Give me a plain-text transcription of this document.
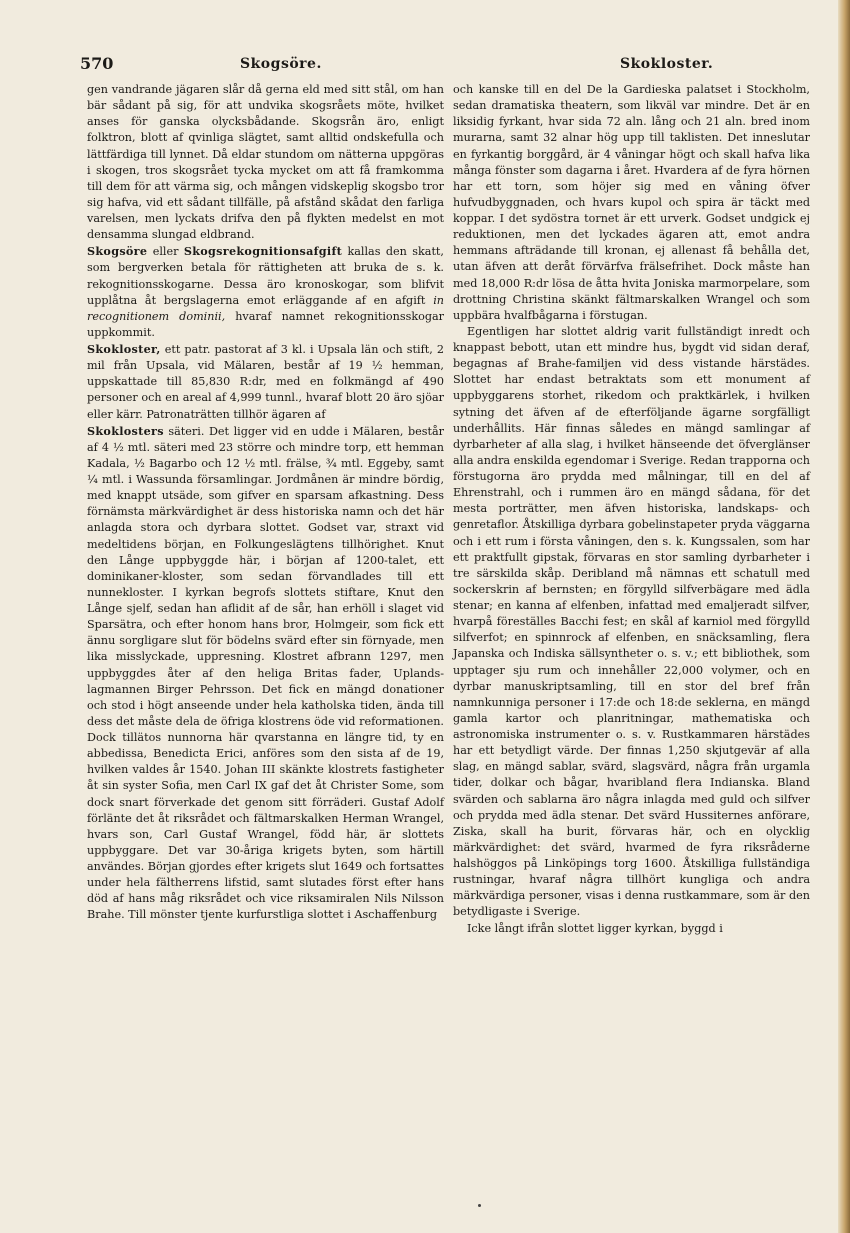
570	Skogsöre.	Skokloster.

gen vandrande jägaren slår då gerna eld med sitt stål, om han bär sådant på sig, för att undvika skogsråets möte, hvilket anses för ganska olycksbådande. Skogsrån äro, enligt folktron, blott af qvinliga slägtet, samt alltid ondskefulla och lättfärdiga till lynnet. Då eldar stundom om nätterna uppgöras i skogen, tros skogsrået tycka mycket om att få framkomma till dem för att värma sig, och mången vidskeplig skogsbo tror sig hafva, vid ett sådant tillfälle, på afstånd skådat den farliga varelsen, men lyckats drifva den på flykten medelst en mot densamma slungad eldbrand.

Skogsöre eller Skogsrekognitionsafgift kallas den skatt, som bergverken betala för rättigheten att bruka de s. k. rekognitionsskogarne. Dessa äro kronoskogar, som blifvit upplåtna åt bergslagerna emot erläggande af en afgift in recognitionem dominii, hvaraf namnet rekognitionsskogar uppkommit.

Skokloster, ett patr. pastorat af 3 kl. i Upsala län och stift, 2 mil från Upsala, vid Mälaren, består af 19 ½ hemman, uppskattade till 85,830 R:dr, med en folkmängd af 490 personer och en areal af 4,999 tunnl., hvaraf blott 20 äro sjöar eller kärr. Patronaträtten tillhör ägaren af

Skoklosters säteri. Det ligger vid en udde i Mälaren, består af 4 ½ mtl. säteri med 23 större och mindre torp, ett hemman Kadala, ½ Bagarbo och 12 ½ mtl. frälse, ¾ mtl. Eggeby, samt ¼ mtl. i Wassunda församlingar. Jordmånen är mindre bördig, med knappt utsäde, som gifver en sparsam afkastning. Dess förnämsta märkvärdighet är dess historiska namn och det här anlagda stora och dyrbara slottet. Godset var, straxt vid medeltidens början, en Folkungeslägtens tillhörighet. Knut den Långe uppbyggde här, i början af 1200-talet, ett dominikaner-kloster, som sedan förvandlades till ett nunnekloster. I kyrkan begrofs slottets stiftare, Knut den Långe sjelf, sedan han aflidit af de sår, han erhöll i slaget vid Sparsätra, och efter honom hans bror, Holmgeir, som fick ett ännu sorgligare slut för bödelns svärd efter sin förnyade, men lika misslyckade, uppresning. Klostret afbrann 1297, men uppbyggdes åter af den heliga Britas fader, Uplands-lagmannen Birger Pehrsson. Det fick en mängd donationer och stod i högt anseende under hela katholska tiden, ända till dess det måste dela de öfriga klostrens öde vid reformationen. Dock tillätos nunnorna här qvarstanna en längre tid, ty en abbedissa, Benedicta Erici, anföres som den sista af de 19, hvilken valdes år 1540. Johan III skänkte klostrets fastigheter åt sin syster Sofia, men Carl IX gaf det åt Christer Some, som dock snart förverkade det genom sitt förräderi. Gustaf Adolf förlänte det åt riksrådet och fältmarskalken Herman Wrangel, hvars son, Carl Gustaf Wrangel, född här, är slottets uppbyggare. Det var 30-åriga krigets byten, som härtill användes. Början gjordes efter krigets slut 1649 och fortsattes under hela fältherrens lifstid, samt slutades först efter hans död af hans måg riksrådet och vice riksamiralen Nils Nilsson Brahe. Till mönster tjente kurfurstliga slottet i Aschaffenburg

och kanske till en del De la Gardieska palatset i Stockholm, sedan dramatiska theatern, som likväl var mindre. Det är en liksidig fyrkant, hvar sida 72 aln. lång och 21 aln. bred inom murarna, samt 32 alnar hög upp till taklisten. Det inneslutar en fyrkantig borggård, är 4 våningar högt och skall hafva lika många fönster som dagarna i året. Hvardera af de fyra hörnen har ett torn, som höjer sig med en våning öfver hufvudbyggnaden, och hvars kupol och spira är täckt med koppar. I det sydöstra tornet är ett urverk. Godset undgick ej reduktionen, men det lyckades ägaren att, emot andra hemmans afträdande till kronan, ej allenast få behålla det, utan äfven att deråt förvärfva frälsefrihet. Dock måste han med 18,000 R:dr lösa de åtta hvita Joniska marmorpelare, som drottning Christina skänkt fältmarskalken Wrangel och som uppbära hvalfbågarna i förstugan.

Egentligen har slottet aldrig varit fullständigt inredt och knappast bebott, utan ett mindre hus, bygdt vid sidan deraf, begagnas af Brahe-familjen vid dess vistande härstädes. Slottet har endast betraktats som ett monument af uppbyggarens storhet, rikedom och praktkärlek, i hvilken sytning det äfven af de efterföljande ägarne sorgfälligt underhållits. Här finnas således en mängd samlingar af dyrbarheter af alla slag, i hvilket hänseende det öfverglänser alla andra enskilda egendomar i Sverige. Redan trapporna och förstugorna äro prydda med målningar, till en del af Ehrenstrahl, och i rummen äro en mängd sådana, för det mesta porträtter, men äfven historiska, landskaps- och genretaflor. Åtskilliga dyrbara gobelinstapeter pryda väggarna och i ett rum i första våningen, den s. k. Kungssalen, som har ett praktfullt gipstak, förvaras en stor samling dyrbarheter i tre särskilda skåp. Deribland må nämnas ett schatull med sockerskrin af bernsten; en förgylld silfverbägare med ädla stenar; en kanna af elfenben, infattad med emaljeradt silfver, hvarpå föreställes Bacchi fest; en skål af karniol med förgylld silfverfot; en spinnrock af elfenben, en snäcksamling, flera Japanska och Indiska sällsyntheter o. s. v.; ett bibliothek, som upptager sju rum och innehåller 22,000 volymer, och en dyrbar manuskriptsamling, till en stor del bref från namnkunniga personer i 17:de och 18:de seklerna, en mängd gamla kartor och planritningar, mathematiska och astronomiska instrumenter o. s. v. Rustkammaren härstädes har ett betydligt värde. Der finnas 1,250 skjutgevär af alla slag, en mängd sablar, svärd, slagsvärd, några från urgamla tider, dolkar och bågar, hvaribland flera Indianska. Bland svärden och sablarna äro några inlagda med guld och silfver och prydda med ädla stenar. Det svärd Hussiternes anförare, Ziska, skall ha burit, förvaras här, och en olycklig märkvärdighet: det svärd, hvarmed de fyra riksråderne halshöggos på Linköpings torg 1600. Åtskilliga fullständiga rustningar, hvaraf några tillhört kungliga och andra märkvärdiga personer, visas i denna rustkammare, som är den betydligaste i Sverige.

Icke långt ifrån slottet ligger kyrkan, byggd i
